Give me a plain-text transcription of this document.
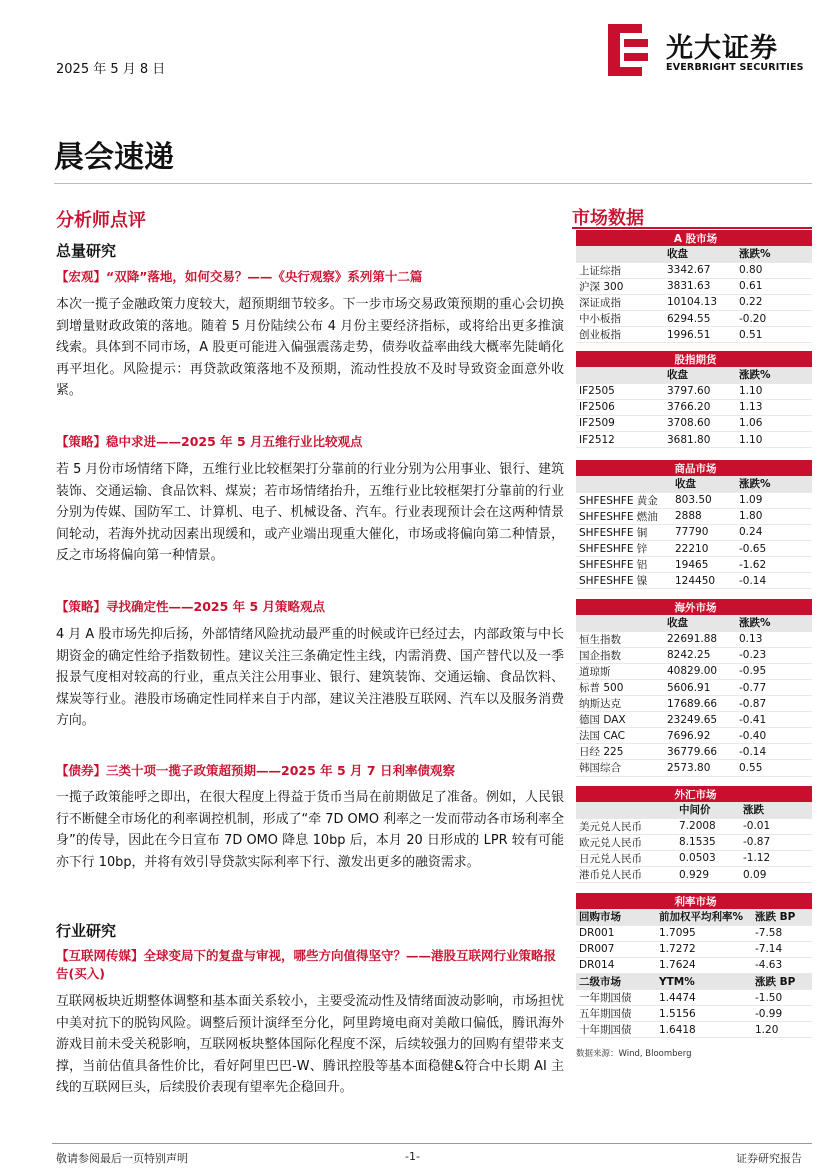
2025 年 5 月 8 日
光大证券
EVERBRIGHT SECURITIES
晨会速递
分析师点评
总量研究
【宏观】“双降”落地，如何交易？——《央行观察》系列第十二篇
本次一揽子金融政策力度较大，超预期细节较多。下一步市场交易政策预期的重心会切换到增量财政政策的落地。随着 5 月份陆续公布 4 月份主要经济指标，或将给出更多推演线索。具体到不同市场，A 股更可能进入偏强震荡走势，债券收益率曲线大概率先陡峭化再平坦化。风险提示：再贷款政策落地不及预期，流动性投放不及时导致资金面意外收紧。
【策略】稳中求进——2025 年 5 月五维行业比较观点
若 5 月份市场情绪下降，五维行业比较框架打分靠前的行业分别为公用事业、银行、建筑装饰、交通运输、食品饮料、煤炭；若市场情绪抬升，五维行业比较框架打分靠前的行业分别为传媒、国防军工、计算机、电子、机械设备、汽车。行业表现预计会在这两种情景间轮动，若海外扰动因素出现缓和，或产业端出现重大催化，市场或将偏向第二种情景，反之市场将偏向第一种情景。
【策略】寻找确定性——2025 年 5 月策略观点
4 月 A 股市场先抑后扬，外部情绪风险扰动最严重的时候或许已经过去，内部政策与中长期资金的确定性给予指数韧性。建议关注三条确定性主线，内需消费、国产替代以及一季报景气度相对较高的行业，重点关注公用事业、银行、建筑装饰、交通运输、食品饮料、煤炭等行业。港股市场确定性同样来自于内部，建议关注港股互联网、汽车以及服务消费方向。
【债券】三类十项一揽子政策超预期——2025 年 5 月 7 日利率债观察
一揽子政策能呼之即出，在很大程度上得益于货币当局在前期做足了准备。例如，人民银行不断健全市场化的利率调控机制，形成了“牵 7D OMO 利率之一发而带动各市场利率全身”的传导，因此在今日宣布 7D OMO 降息 10bp 后，本月 20 日形成的 LPR 较有可能亦下行 10bp，并将有效引导贷款实际利率下行、激发出更多的融资需求。
行业研究
【互联网传媒】全球变局下的复盘与审视，哪些方向值得坚守？——港股互联网行业策略报告(买入)
互联网板块近期整体调整和基本面关系较小，主要受流动性及情绪面波动影响，市场担忧中美对抗下的脱钩风险。调整后预计演绎至分化，阿里跨境电商对美敞口偏低，腾讯海外游戏目前未受关税影响，互联网板块整体国际化程度不深，后续较强力的回购有望带来支撑，当前估值具备性价比，看好阿里巴巴-W、腾讯控股等基本面稳健&符合中长期 AI 主线的互联网巨头，后续股价表现有望率先企稳回升。
市场数据
A 股市场		
	收盘	涨跌%
上证综指	3342.67	0.80
沪深 300	3831.63	0.61
深证成指	10104.13	0.22
中小板指	6294.55	-0.20
创业板指	1996.51	0.51
股指期货		
	收盘	涨跌%
IF2505	3797.60	1.10
IF2506	3766.20	1.13
IF2509	3708.60	1.06
IF2512	3681.80	1.10
商品市场		
	收盘	涨跌%
SHFESHFE 黄金	803.50	1.09
SHFESHFE 燃油	2888	1.80
SHFESHFE 铜	77790	0.24
SHFESHFE 锌	22210	-0.65
SHFESHFE 铝	19465	-1.62
SHFESHFE 镍	124450	-0.14
海外市场		
	收盘	涨跌%
恒生指数	22691.88	0.13
国企指数	8242.25	-0.23
道琼斯	40829.00	-0.95
标普 500	5606.91	-0.77
纳斯达克	17689.66	-0.87
德国 DAX	23249.65	-0.41
法国 CAC	7696.92	-0.40
日经 225	36779.66	-0.14
韩国综合	2573.80	0.55
外汇市场		
	中间价	涨跌
美元兑人民币	7.2008	-0.01
欧元兑人民币	8.1535	-0.87
日元兑人民币	0.0503	-1.12
港币兑人民币	0.929	0.09
利率市场		
回购市场	前加权平均利率%	涨跌 BP
DR001	1.7095	-7.58
DR007	1.7272	-7.14
DR014	1.7624	-4.63
二级市场	YTM%	涨跌 BP
一年期国债	1.4474	-1.50
五年期国债	1.5156	-0.99
十年期国债	1.6418	1.20
数据来源：Wind, Bloomberg
敬请参阅最后一页特别声明	-1-	证券研究报告
